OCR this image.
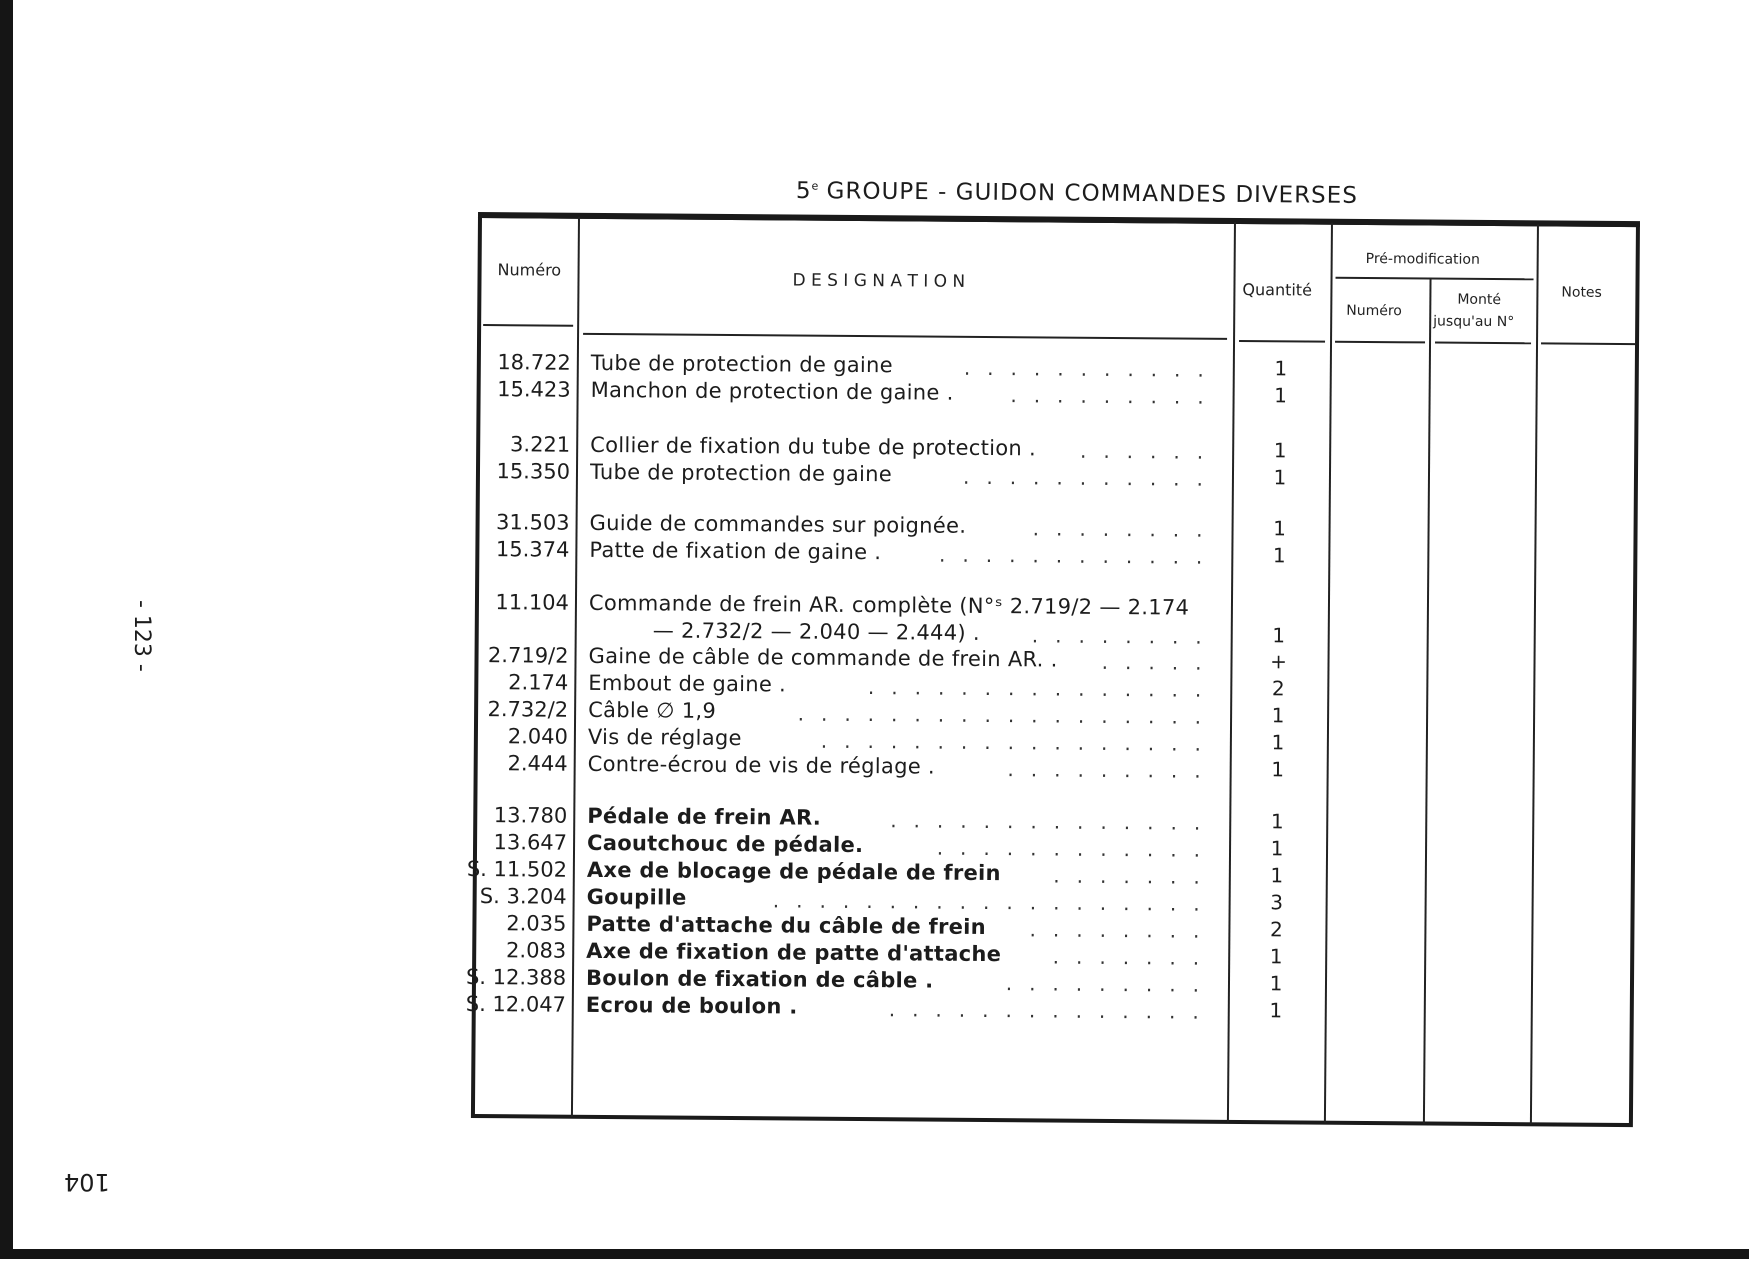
5e GROUPE - GUIDON COMMANDES DIVERSES
- 123 -
104
Numéro
D E S I G N A T I O N	Quantité
Pré-modification
Numéro
Monté
jusqu'au N°
Notes
18.722 Tube de protection de gaine	...........	1
15.423 Manchon de protection de gaine .	.........	1
3.221 Collier de fixation du tube de protection . ......	1
15.350 Tube de protection de gaine	...........	1
31.503 Guide de commandes sur poignée.	........	1
15.374 Patte de fixation de gaine .	............	1
11.104 Commande de frein AR. complète (N°ˢ 2.719/2 — 2.174
— 2.732/2 — 2.040 — 2.444) .	........	1
2.719/2 Gaine de câble de commande de frein AR. . .....	+
2.174 Embout de gaine .	...............	2
2.732/2 Câble ∅ 1,9	..................	1
2.040 Vis de réglage	.................	1
2.444 Contre-écrou de vis de réglage .	.........	1
13.780 Pédale de frein AR.	..............	1
13.647 Caoutchouc de pédale.	............	1
S. 11.502 Axe de blocage de pédale de frein	.......	1
S. 3.204 Goupille	...................	3
2.035 Patte d'attache du câble de frein ........	2
2.083 Axe de fixation de patte d'attache	.......	1
S. 12.388 Boulon de fixation de câble .	.........	1
S. 12.047 Ecrou de boulon .	..............	1
